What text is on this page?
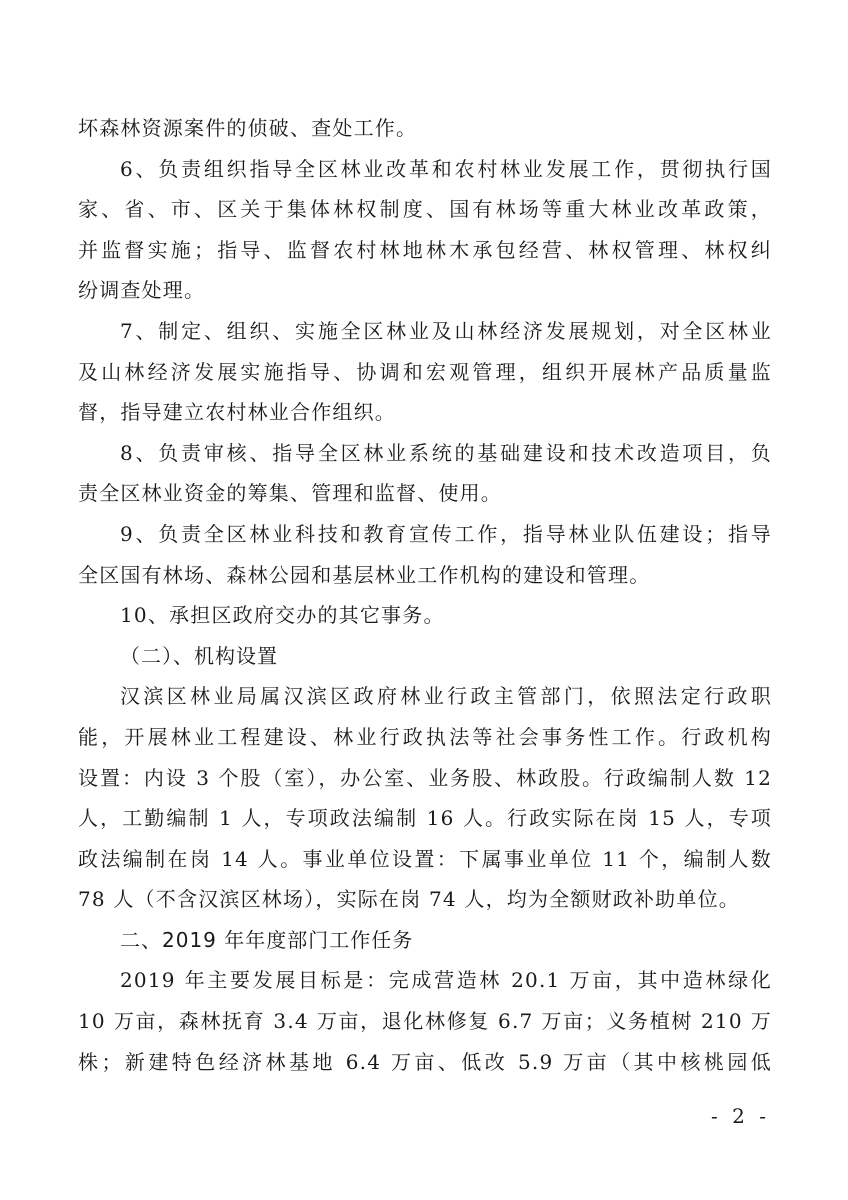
坏森林资源案件的侦破、查处工作。
6、负责组织指导全区林业改革和农村林业发展工作，贯彻执行国
家、省、市、区关于集体林权制度、国有林场等重大林业改革政策，
并监督实施；指导、监督农村林地林木承包经营、林权管理、林权纠
纷调查处理。
7、制定、组织、实施全区林业及山林经济发展规划，对全区林业
及山林经济发展实施指导、协调和宏观管理，组织开展林产品质量监
督，指导建立农村林业合作组织。
8、负责审核、指导全区林业系统的基础建设和技术改造项目，负
责全区林业资金的筹集、管理和监督、使用。
9、负责全区林业科技和教育宣传工作，指导林业队伍建设；指导
全区国有林场、森林公园和基层林业工作机构的建设和管理。
10、承担区政府交办的其它事务。
（二）、机构设置
汉滨区林业局属汉滨区政府林业行政主管部门，依照法定行政职
能，开展林业工程建设、林业行政执法等社会事务性工作。行政机构
设置：内设 3 个股（室），办公室、业务股、林政股。行政编制人数 12
人，工勤编制 1 人，专项政法编制 16 人。行政实际在岗 15 人，专项
政法编制在岗 14 人。事业单位设置：下属事业单位 11 个，编制人数
78 人（不含汉滨区林场），实际在岗 74 人，均为全额财政补助单位。
二、2019 年年度部门工作任务
2019 年主要发展目标是：完成营造林 20.1 万亩，其中造林绿化
10 万亩，森林抚育 3.4 万亩，退化林修复 6.7 万亩；义务植树 210 万
株；新建特色经济林基地 6.4 万亩、低改 5.9 万亩（其中核桃园低
- 2 -
